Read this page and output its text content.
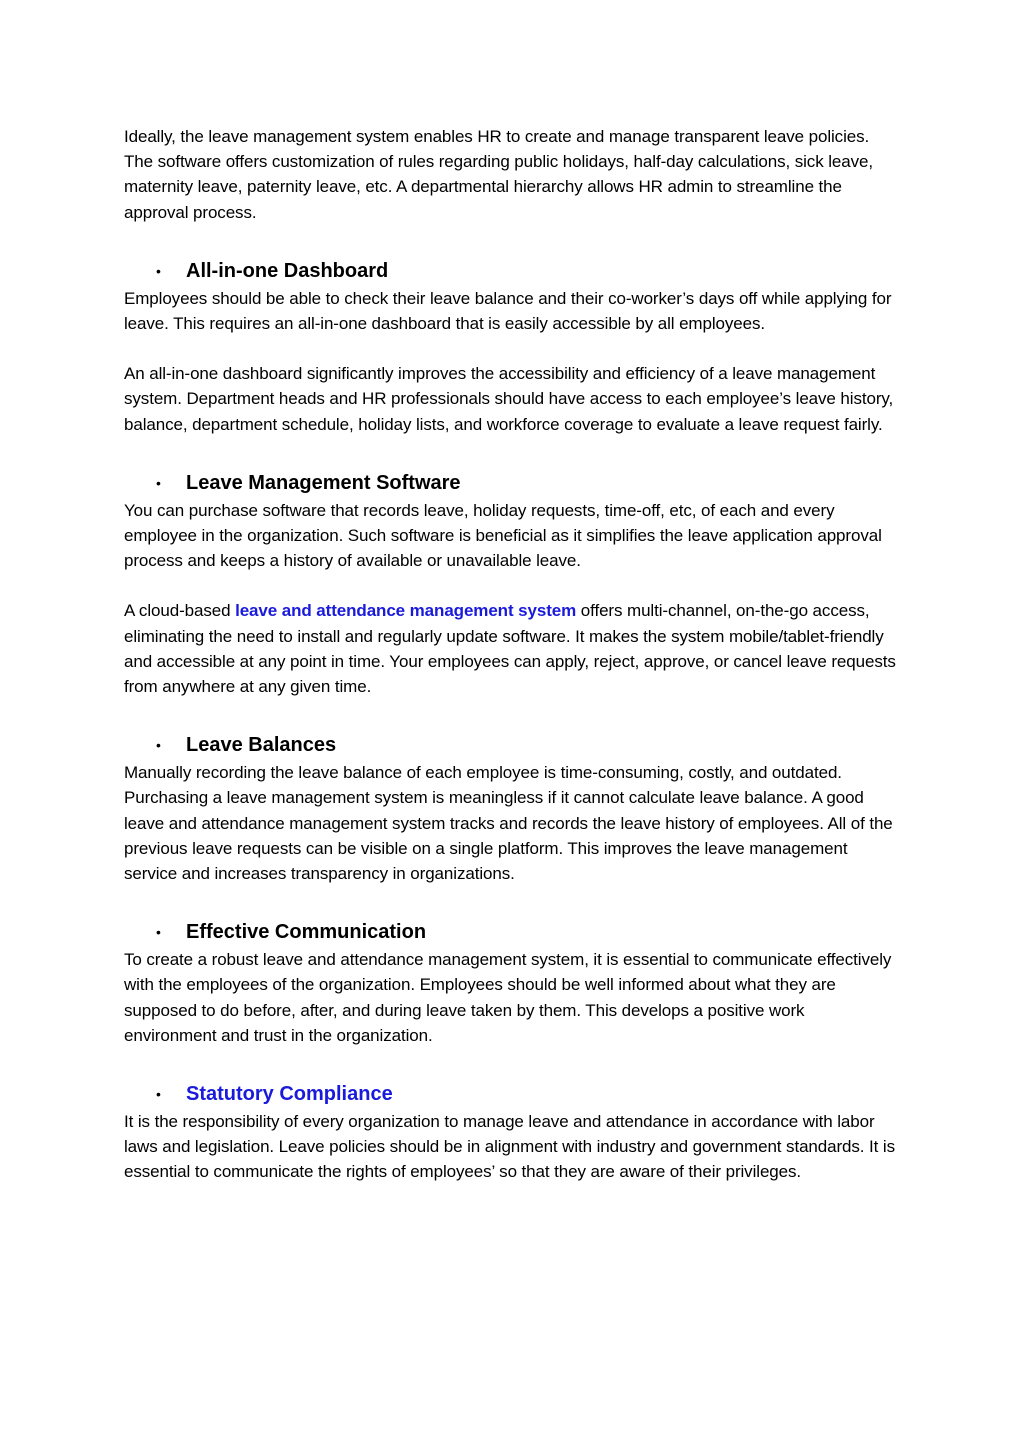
Ideally, the leave management system enables HR to create and manage transparent leave policies. The software offers customization of rules regarding public holidays, half-day calculations, sick leave, maternity leave, paternity leave, etc. A departmental hierarchy allows HR admin to streamline the approval process.

•	All-in-one Dashboard

Employees should be able to check their leave balance and their co-worker’s days off while applying for leave. This requires an all-in-one dashboard that is easily accessible by all employees.

An all-in-one dashboard significantly improves the accessibility and efficiency of a leave management system. Department heads and HR professionals should have access to each employee’s leave history, balance, department schedule, holiday lists, and workforce coverage to evaluate a leave request fairly.

•	Leave Management Software

You can purchase software that records leave, holiday requests, time-off, etc, of each and every employee in the organization. Such software is beneficial as it simplifies the leave application approval process and keeps a history of available or unavailable leave.

A cloud-based leave and attendance management system offers multi-channel, on-the-go access, eliminating the need to install and regularly update software. It makes the system mobile/tablet-friendly and accessible at any point in time. Your employees can apply, reject, approve, or cancel leave requests from anywhere at any given time.

•	Leave Balances

Manually recording the leave balance of each employee is time-consuming, costly, and outdated. Purchasing a leave management system is meaningless if it cannot calculate leave balance. A good leave and attendance management system tracks and records the leave history of employees. All of the previous leave requests can be visible on a single platform. This improves the leave management service and increases transparency in organizations.

•	Effective Communication

To create a robust leave and attendance management system, it is essential to communicate effectively with the employees of the organization. Employees should be well informed about what they are supposed to do before, after, and during leave taken by them. This develops a positive work environment and trust in the organization.

•	Statutory Compliance

It is the responsibility of every organization to manage leave and attendance in accordance with labor laws and legislation. Leave policies should be in alignment with industry and government standards. It is essential to communicate the rights of employees’ so that they are aware of their privileges.
